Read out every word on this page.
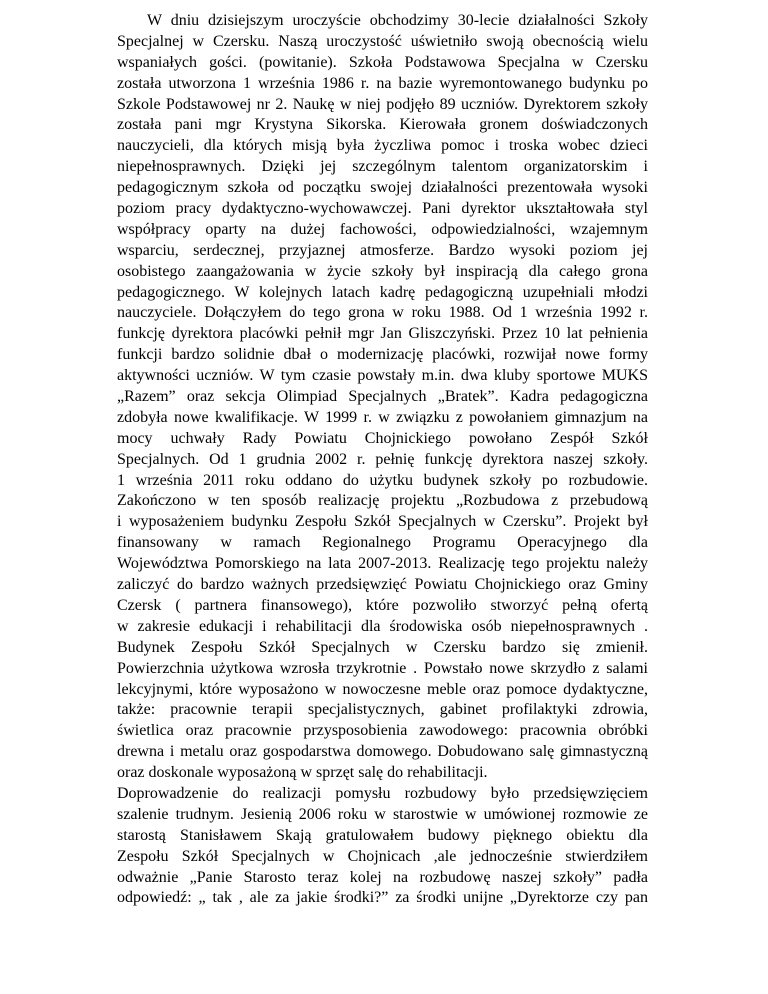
W dniu dzisiejszym uroczyście obchodzimy 30-lecie działalności Szkoły
Specjalnej w Czersku. Naszą uroczystość uświetniło swoją obecnością wielu
wspaniałych gości. (powitanie). Szkoła Podstawowa Specjalna w Czersku
została utworzona 1 września 1986 r. na bazie wyremontowanego budynku po
Szkole Podstawowej nr 2. Naukę w niej podjęło 89 uczniów. Dyrektorem szkoły
została pani mgr Krystyna Sikorska. Kierowała gronem doświadczonych
nauczycieli, dla których misją była życzliwa pomoc i troska wobec dzieci
niepełnosprawnych. Dzięki jej szczególnym talentom organizatorskim i
pedagogicznym szkoła od początku swojej działalności prezentowała wysoki
poziom pracy dydaktyczno-wychowawczej. Pani dyrektor ukształtowała styl
współpracy oparty na dużej fachowości, odpowiedzialności, wzajemnym
wsparciu, serdecznej, przyjaznej atmosferze. Bardzo wysoki poziom jej
osobistego zaangażowania w życie szkoły był inspiracją dla całego grona
pedagogicznego. W kolejnych latach kadrę pedagogiczną uzupełniali młodzi
nauczyciele. Dołączyłem do tego grona w roku 1988. Od 1 września 1992 r.
funkcję dyrektora placówki pełnił mgr Jan Gliszczyński. Przez 10 lat pełnienia
funkcji bardzo solidnie dbał o modernizację placówki, rozwijał nowe formy
aktywności uczniów. W tym czasie powstały m.in. dwa kluby sportowe MUKS
„Razem” oraz sekcja Olimpiad Specjalnych „Bratek”. Kadra pedagogiczna
zdobyła nowe kwalifikacje. W 1999 r. w związku z powołaniem gimnazjum na
mocy uchwały Rady Powiatu Chojnickiego powołano Zespół Szkół
Specjalnych. Od 1 grudnia 2002 r. pełnię funkcję dyrektora naszej szkoły.
1 września 2011 roku oddano do użytku budynek szkoły po rozbudowie.
Zakończono w ten sposób realizację projektu „Rozbudowa z przebudową
i wyposażeniem budynku Zespołu Szkół Specjalnych w Czersku”. Projekt był
finansowany w ramach Regionalnego Programu Operacyjnego dla
Województwa Pomorskiego na lata 2007-2013. Realizację tego projektu należy
zaliczyć do bardzo ważnych przedsięwzięć Powiatu Chojnickiego oraz Gminy
Czersk ( partnera finansowego), które pozwoliło stworzyć pełną ofertą
w zakresie edukacji i rehabilitacji dla środowiska osób niepełnosprawnych .
Budynek Zespołu Szkół Specjalnych w Czersku bardzo się zmienił.
Powierzchnia użytkowa wzrosła trzykrotnie . Powstało nowe skrzydło z salami
lekcyjnymi, które wyposażono w nowoczesne meble oraz pomoce dydaktyczne,
także: pracownie terapii specjalistycznych, gabinet profilaktyki zdrowia,
świetlica oraz pracownie przysposobienia zawodowego: pracownia obróbki
drewna i metalu oraz gospodarstwa domowego. Dobudowano salę gimnastyczną
oraz doskonale wyposażoną w sprzęt salę do rehabilitacji.
Doprowadzenie do realizacji pomysłu rozbudowy było przedsięwzięciem
szalenie trudnym. Jesienią 2006 roku w starostwie w umówionej rozmowie ze
starostą Stanisławem Skają gratulowałem budowy pięknego obiektu dla
Zespołu Szkół Specjalnych w Chojnicach ,ale jednocześnie stwierdziłem
odważnie „Panie Starosto teraz kolej na rozbudowę naszej szkoły” padła
odpowiedź: „ tak , ale za jakie środki?” za środki unijne „Dyrektorze czy pan
